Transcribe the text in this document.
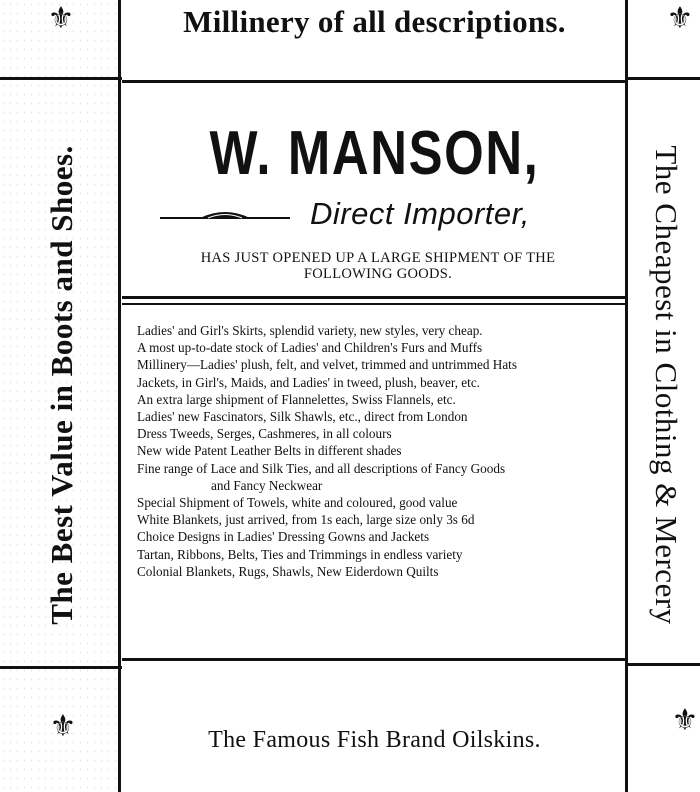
⚜	⚜
⚜	⚜
Millinery of all descriptions.
The Best Value in Boots and Shoes.	The Cheapest in Clothing & Mercery
W. MANSON,
Direct Importer,
HAS JUST OPENED UP A LARGE SHIPMENT OF THE
FOLLOWING GOODS.
Ladies' and Girl's Skirts, splendid variety, new styles, very cheap.
A most up-to-date stock of Ladies' and Children's Furs and Muffs
Millinery—Ladies' plush, felt, and velvet, trimmed and untrimmed Hats
Jackets, in Girl's, Maids, and Ladies' in tweed, plush, beaver, etc.
An extra large shipment of Flannelettes, Swiss Flannels, etc.
Ladies' new Fascinators, Silk Shawls, etc., direct from London
Dress Tweeds, Serges, Cashmeres, in all colours
New wide Patent Leather Belts in different shades
Fine range of Lace and Silk Ties, and all descriptions of Fancy Goods
and Fancy Neckwear
Special Shipment of Towels, white and coloured, good value
White Blankets, just arrived, from 1s each, large size only 3s 6d
Choice Designs in Ladies' Dressing Gowns and Jackets
Tartan, Ribbons, Belts, Ties and Trimmings in endless variety
Colonial Blankets, Rugs, Shawls, New Eiderdown Quilts
The Famous Fish Brand Oilskins.
